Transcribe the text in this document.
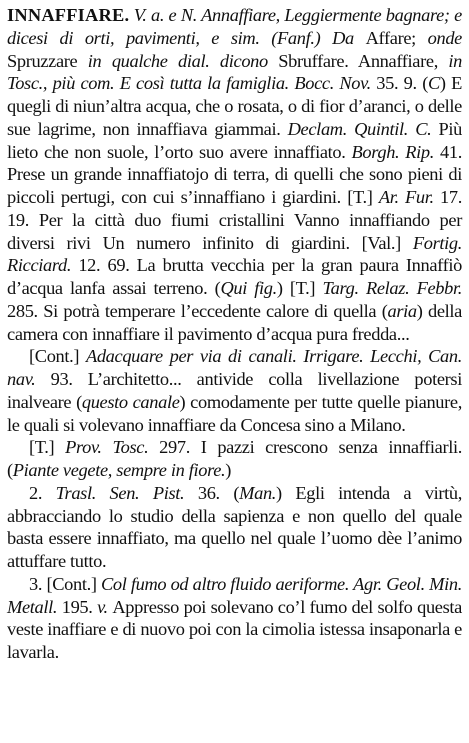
INNAFFIARE. V. a. e N. Annaffiare, Leggiermente bagnare; e dicesi di orti, pavimenti, e sim. (Fanf.) Da Affare; onde Spruzzare in qualche dial. dicono Sbruffare. Annaffiare, in Tosc., più com. E così tutta la famiglia. Bocc. Nov. 35. 9. (C) E quegli di niun’altra acqua, che o rosata, o di fior d’aranci, o delle sue lagrime, non innaffiava giammai. Declam. Quintil. C. Più lieto che non suole, l’orto suo avere innaffiato. Borgh. Rip. 41. Prese un grande innaffiatojo di terra, di quelli che sono pieni di piccoli pertugi, con cui s’innaffiano i giardini. [T.] Ar. Fur. 17. 19. Per la città duo fiumi cristallini Vanno innaffiando per diversi rivi Un numero infinito di giardini. [Val.] Fortig. Ricciard. 12. 69. La brutta vecchia per la gran paura Innaffiò d’acqua lanfa assai terreno. (Qui fig.) [T.] Targ. Relaz. Febbr. 285. Si potrà temperare l’eccedente calore di quella (aria) della camera con innaffiare il pavimento d’acqua pura fredda...

[Cont.] Adacquare per via di canali. Irrigare. Lecchi, Can. nav. 93. L’architetto... antivide colla livellazione potersi inalveare (questo canale) comodamente per tutte quelle pianure, le quali si volevano innaffiare da Concesa sino a Milano.

[T.] Prov. Tosc. 297. I pazzi crescono senza innaffiarli. (Piante vegete, sempre in fiore.)

2. Trasl. Sen. Pist. 36. (Man.) Egli intenda a virtù, abbracciando lo studio della sapienza e non quello del quale basta essere innaffiato, ma quello nel quale l’uomo dèe l’animo attuffare tutto.

3. [Cont.] Col fumo od altro fluido aeriforme. Agr. Geol. Min. Metall. 195. v. Appresso poi solevano co’l fumo del solfo questa veste inaffiare e di nuovo poi con la cimolia istessa insaponarla e lavarla.
